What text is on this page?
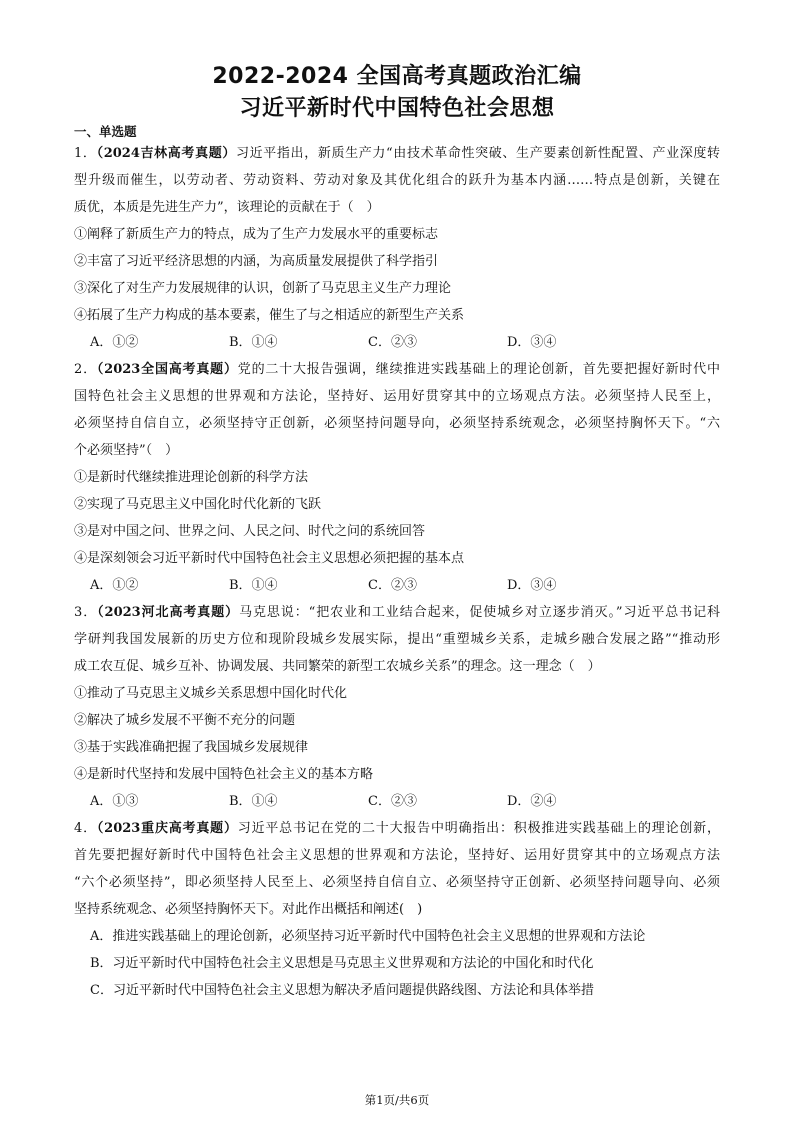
2022-2024 全国高考真题政治汇编
习近平新时代中国特色社会思想
一、单选题
1．（2024吉林高考真题）习近平指出，新质生产力“由技术革命性突破、生产要素创新性配置、产业深度转
型升级而催生，以劳动者、劳动资料、劳动对象及其优化组合的跃升为基本内涵……特点是创新，关键在
质优，本质是先进生产力”，该理论的贡献在于（　）
①阐释了新质生产力的特点，成为了生产力发展水平的重要标志
②丰富了习近平经济思想的内涵，为高质量发展提供了科学指引
③深化了对生产力发展规律的认识，创新了马克思主义生产力理论
④拓展了生产力构成的基本要素，催生了与之相适应的新型生产关系
A．①②	B．①④	C．②③	D．③④
2．（2023全国高考真题）党的二十大报告强调，继续推进实践基础上的理论创新，首先要把握好新时代中
国特色社会主义思想的世界观和方法论，坚持好、运用好贯穿其中的立场观点方法。必须坚持人民至上，
必须坚持自信自立，必须坚持守正创新，必须坚持问题导向，必须坚持系统观念，必须坚持胸怀天下。“六
个必须坚持”（　）
①是新时代继续推进理论创新的科学方法
②实现了马克思主义中国化时代化新的飞跃
③是对中国之问、世界之问、人民之问、时代之问的系统回答
④是深刻领会习近平新时代中国特色社会主义思想必须把握的基本点
A．①②	B．①④	C．②③	D．③④
3．（2023河北高考真题）马克思说：“把农业和工业结合起来，促使城乡对立逐步消灭。”习近平总书记科
学研判我国发展新的历史方位和现阶段城乡发展实际，提出“重塑城乡关系，走城乡融合发展之路”“推动形
成工农互促、城乡互补、协调发展、共同繁荣的新型工农城乡关系”的理念。这一理念（　）
①推动了马克思主义城乡关系思想中国化时代化
②解决了城乡发展不平衡不充分的问题
③基于实践准确把握了我国城乡发展规律
④是新时代坚持和发展中国特色社会主义的基本方略
A．①③	B．①④	C．②③	D．②④
4．（2023重庆高考真题）习近平总书记在党的二十大报告中明确指出：积极推进实践基础上的理论创新，
首先要把握好新时代中国特色社会主义思想的世界观和方法论，坚持好、运用好贯穿其中的立场观点方法
“六个必须坚持”，即必须坚持人民至上、必须坚持自信自立、必须坚持守正创新、必须坚持问题导向、必须
坚持系统观念、必须坚持胸怀天下。对此作出概括和阐述(　)
A．推进实践基础上的理论创新，必须坚持习近平新时代中国特色社会主义思想的世界观和方法论
B．习近平新时代中国特色社会主义思想是马克思主义世界观和方法论的中国化和时代化
C．习近平新时代中国特色社会主义思想为解决矛盾问题提供路线图、方法论和具体举措
第1页/共6页
